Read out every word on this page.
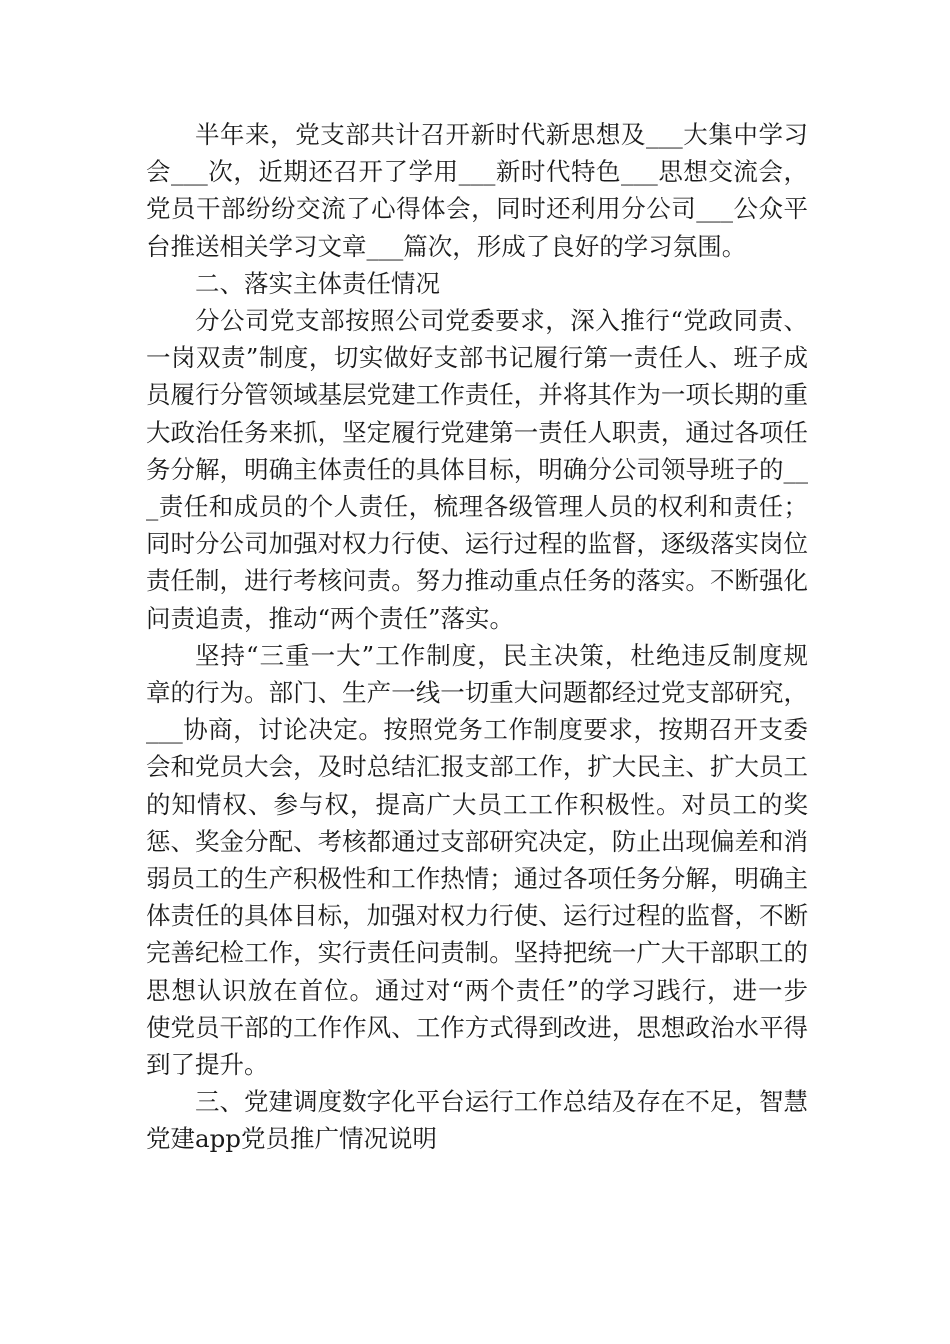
半年来，党支部共计召开新时代新思想及___大集中学习会___次，近期还召开了学用___新时代特色___思想交流会，党员干部纷纷交流了心得体会，同时还利用分公司___公众平台推送相关学习文章___篇次，形成了良好的学习氛围。

二、落实主体责任情况

分公司党支部按照公司党委要求，深入推行“党政同责、一岗双责”制度，切实做好支部书记履行第一责任人、班子成员履行分管领域基层党建工作责任，并将其作为一项长期的重大政治任务来抓，坚定履行党建第一责任人职责，通过各项任务分解，明确主体责任的具体目标，明确分公司领导班子的___责任和成员的个人责任，梳理各级管理人员的权利和责任；同时分公司加强对权力行使、运行过程的监督，逐级落实岗位责任制，进行考核问责。努力推动重点任务的落实。不断强化问责追责，推动“两个责任”落实。

坚持“三重一大”工作制度，民主决策，杜绝违反制度规章的行为。部门、生产一线一切重大问题都经过党支部研究，___协商，讨论决定。按照党务工作制度要求，按期召开支委会和党员大会，及时总结汇报支部工作，扩大民主、扩大员工的知情权、参与权，提高广大员工工作积极性。对员工的奖惩、奖金分配、考核都通过支部研究决定，防止出现偏差和消弱员工的生产积极性和工作热情；通过各项任务分解，明确主体责任的具体目标，加强对权力行使、运行过程的监督，不断完善纪检工作，实行责任问责制。坚持把统一广大干部职工的思想认识放在首位。通过对“两个责任”的学习践行，进一步使党员干部的工作作风、工作方式得到改进，思想政治水平得到了提升。

三、党建调度数字化平台运行工作总结及存在不足，智慧党建app党员推广情况说明
